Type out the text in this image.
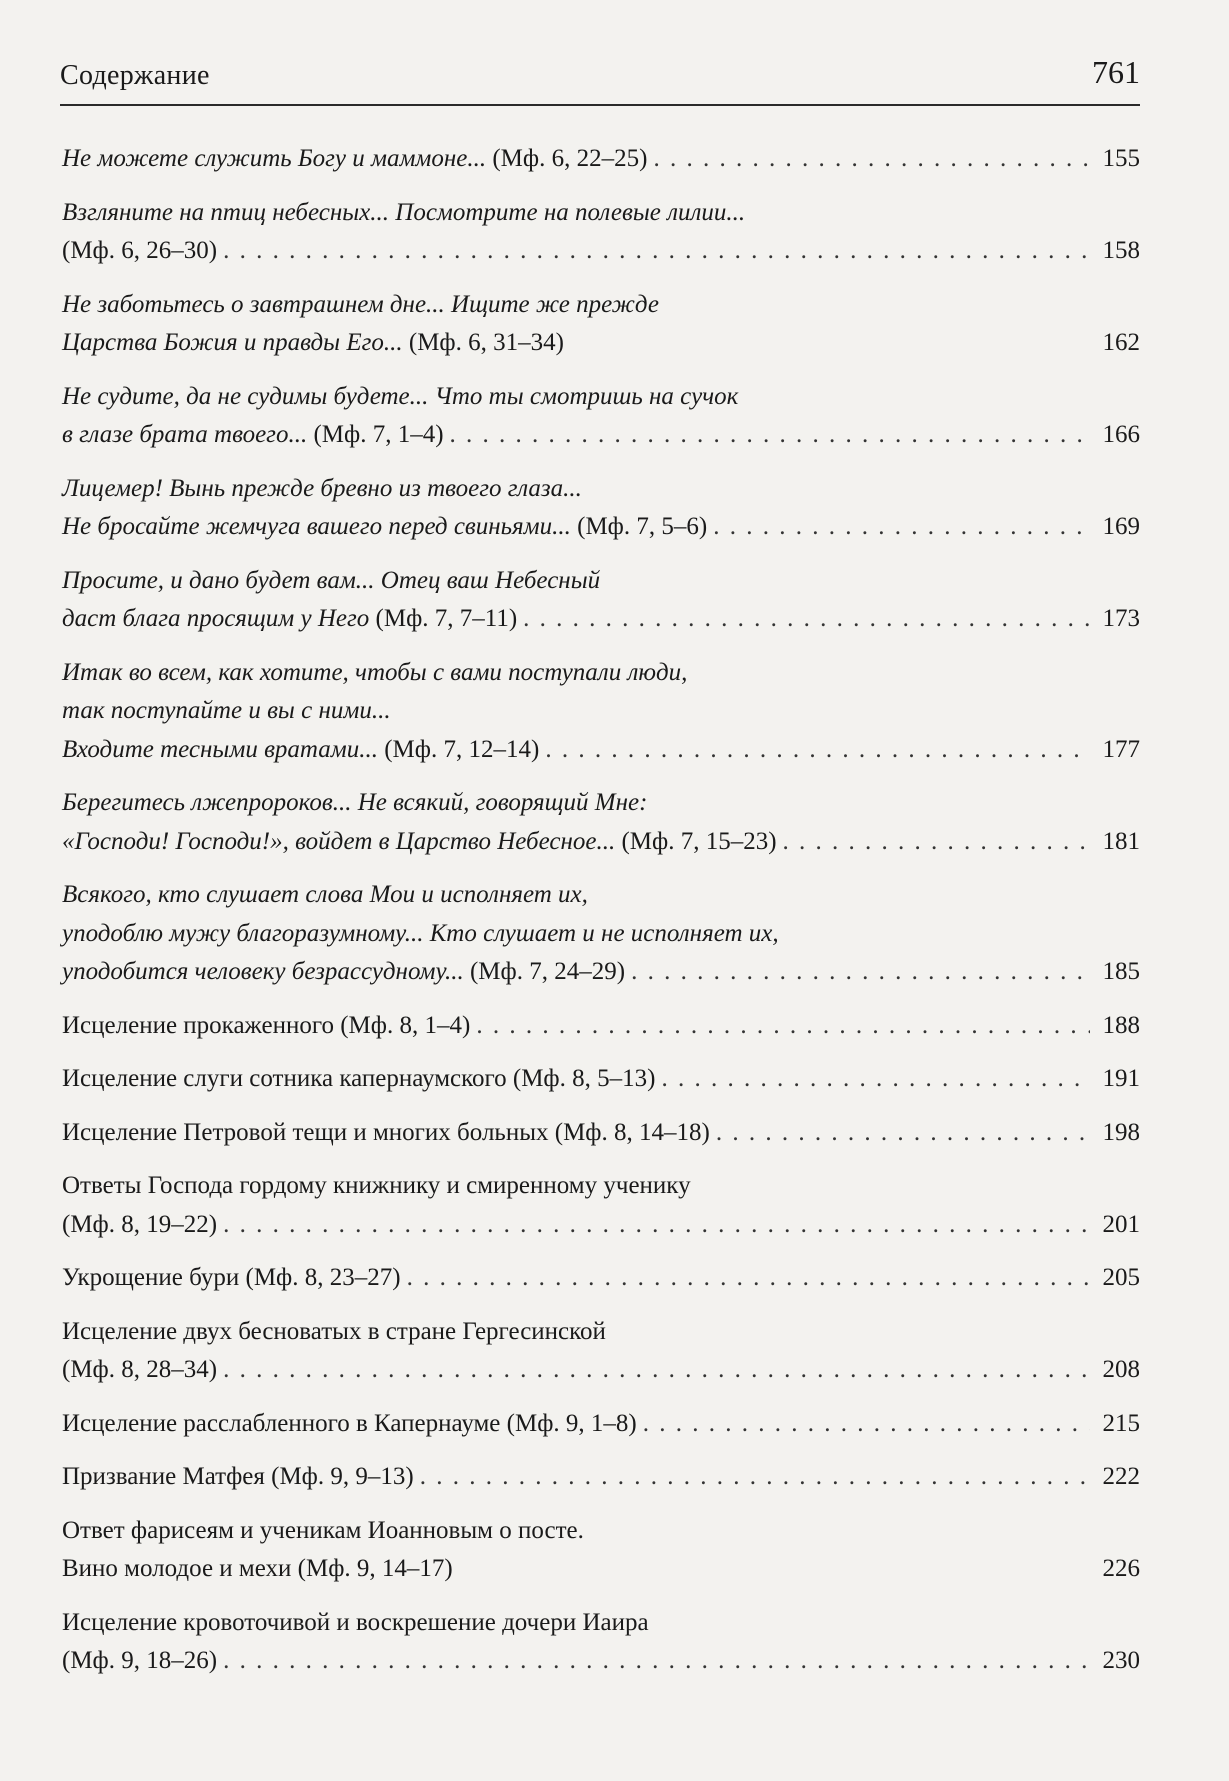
Содержание	761
Не можете служить Богу и маммоне... (Мф. 6, 22–25) . . .	155
Взгляните на птиц небесных... Посмотрите на полевые лилии...
(Мф. 6, 26–30) . . .	158
Не заботьтесь о завтрашнем дне... Ищите же прежде
Царства Божия и правды Его... (Мф. 6, 31–34)	162
Не судите, да не судимы будете... Что ты смотришь на сучок
в глазе брата твоего... (Мф. 7, 1–4) . . .	166
Лицемер! Вынь прежде бревно из твоего глаза...
Не бросайте жемчуга вашего перед свиньями... (Мф. 7, 5–6) . . .	169
Просите, и дано будет вам... Отец ваш Небесный
даст блага просящим у Него (Мф. 7, 7–11) . . .	173
Итак во всем, как хотите, чтобы с вами поступали люди,
так поступайте и вы с ними...
Входите тесными вратами... (Мф. 7, 12–14) . . .	177
Берегитесь лжепророков... Не всякий, говорящий Мне:
«Господи! Господи!», войдет в Царство Небесное... (Мф. 7, 15–23) . . .	181
Всякого, кто слушает слова Мои и исполняет их,
уподоблю мужу благоразумному... Кто слушает и не исполняет их,
уподобится человеку безрассудному... (Мф. 7, 24–29) . . .	185
Исцеление прокаженного (Мф. 8, 1–4) . . .	188
Исцеление слуги сотника капернаумского (Мф. 8, 5–13) . . .	191
Исцеление Петровой тещи и многих больных (Мф. 8, 14–18) . . .	198
Ответы Господа гордому книжнику и смиренному ученику
(Мф. 8, 19–22) . . .	201
Укрощение бури (Мф. 8, 23–27) . . .	205
Исцеление двух бесноватых в стране Гергесинской
(Мф. 8, 28–34) . . .	208
Исцеление расслабленного в Капернауме (Мф. 9, 1–8) . . .	215
Призвание Матфея (Мф. 9, 9–13) . . .	222
Ответ фарисеям и ученикам Иоанновым о посте.
Вино молодое и мехи (Мф. 9, 14–17)	226
Исцеление кровоточивой и воскрешение дочери Иаира
(Мф. 9, 18–26) . . .	230
